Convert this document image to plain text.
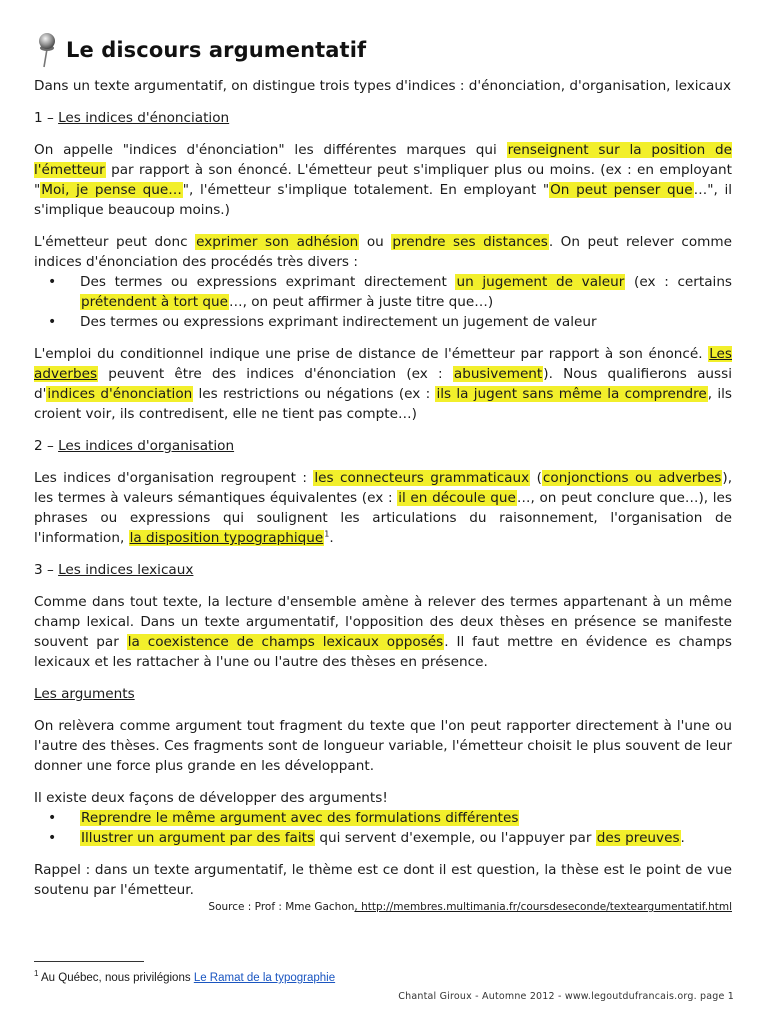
Le discours argumentatif

Dans un texte argumentatif, on distingue trois types d'indices : d'énonciation, d'organisation, lexicaux

1 – Les indices d'énonciation

On appelle "indices d'énonciation" les différentes marques qui renseignent sur la position de l'émetteur par rapport à son énoncé. L'émetteur peut s'impliquer plus ou moins. (ex : en employant "Moi, je pense que…", l'émetteur s'implique totalement. En employant "On peut penser que…", il s'implique beaucoup moins.)

L'émetteur peut donc exprimer son adhésion ou prendre ses distances. On peut relever comme indices d'énonciation des procédés très divers :

• Des termes ou expressions exprimant directement un jugement de valeur (ex : certains prétendent à tort que…, on peut affirmer à juste titre que…)
• Des termes ou expressions exprimant indirectement un jugement de valeur

L'emploi du conditionnel indique une prise de distance de l'émetteur par rapport à son énoncé. Les adverbes peuvent être des indices d'énonciation (ex : abusivement). Nous qualifierons aussi d'indices d'énonciation les restrictions ou négations (ex : ils la jugent sans même la comprendre, ils croient voir, ils contredisent, elle ne tient pas compte…)

2 – Les indices d'organisation

Les indices d'organisation regroupent : les connecteurs grammaticaux (conjonctions ou adverbes), les termes à valeurs sémantiques équivalentes (ex : il en découle que…, on peut conclure que…), les phrases ou expressions qui soulignent les articulations du raisonnement, l'organisation de l'information, la disposition typographique$^1$.

3 – Les indices lexicaux

Comme dans tout texte, la lecture d'ensemble amène à relever des termes appartenant à un même champ lexical. Dans un texte argumentatif, l'opposition des deux thèses en présence se manifeste souvent par la coexistence de champs lexicaux opposés. Il faut mettre en évidence es champs lexicaux et les rattacher à l'une ou l'autre des thèses en présence.

Les arguments

On relèvera comme argument tout fragment du texte que l'on peut rapporter directement à l'une ou l'autre des thèses. Ces fragments sont de longueur variable, l'émetteur choisit le plus souvent de leur donner une force plus grande en les développant.

Il existe deux façons de développer des arguments!

• Reprendre le même argument avec des formulations différentes
• Illustrer un argument par des faits qui servent d'exemple, ou l'appuyer par des preuves.

Rappel : dans un texte argumentatif, le thème est ce dont il est question, la thèse est le point de vue soutenu par l'émetteur.

Source : Prof : Mme Gachon, http://membres.multimania.fr/coursdeseconde/texteargumentatif.html
$^1$ Au Québec, nous privilégions Le Ramat de la typographie
Chantal Giroux - Automne 2012 - www.legoutdufrancais.org. page 1
